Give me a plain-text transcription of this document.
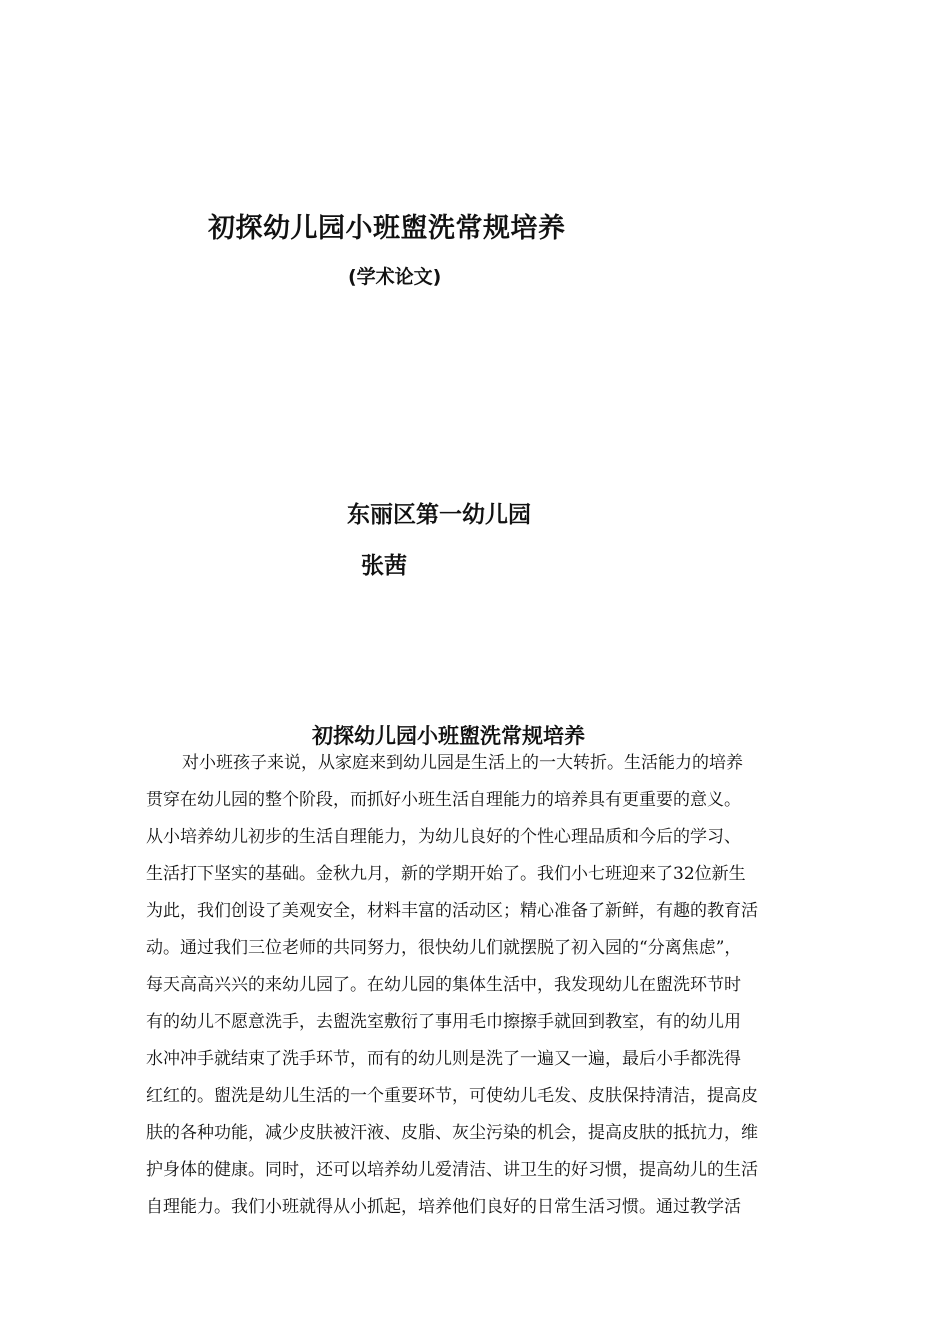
初探幼儿园小班盥洗常规培养
(学术论文)
东丽区第一幼儿园
张茜
初探幼儿园小班盥洗常规培养
对小班孩子来说，从家庭来到幼儿园是生活上的一大转折。生活能力的培养
贯穿在幼儿园的整个阶段，而抓好小班生活自理能力的培养具有更重要的意义。
从小培养幼儿初步的生活自理能力，为幼儿良好的个性心理品质和今后的学习、
生活打下坚实的基础。金秋九月，新的学期开始了。我们小七班迎来了32位新生
为此，我们创设了美观安全，材料丰富的活动区；精心准备了新鲜，有趣的教育活
动。通过我们三位老师的共同努力，很快幼儿们就摆脱了初入园的“分离焦虑”，
每天高高兴兴的来幼儿园了。在幼儿园的集体生活中，我发现幼儿在盥洗环节时
有的幼儿不愿意洗手，去盥洗室敷衍了事用毛巾擦擦手就回到教室，有的幼儿用
水冲冲手就结束了洗手环节，而有的幼儿则是洗了一遍又一遍，最后小手都洗得
红红的。盥洗是幼儿生活的一个重要环节，可使幼儿毛发、皮肤保持清洁，提高皮
肤的各种功能，减少皮肤被汗液、皮脂、灰尘污染的机会，提高皮肤的抵抗力，维
护身体的健康。同时，还可以培养幼儿爱清洁、讲卫生的好习惯，提高幼儿的生活
自理能力。我们小班就得从小抓起，培养他们良好的日常生活习惯。通过教学活
